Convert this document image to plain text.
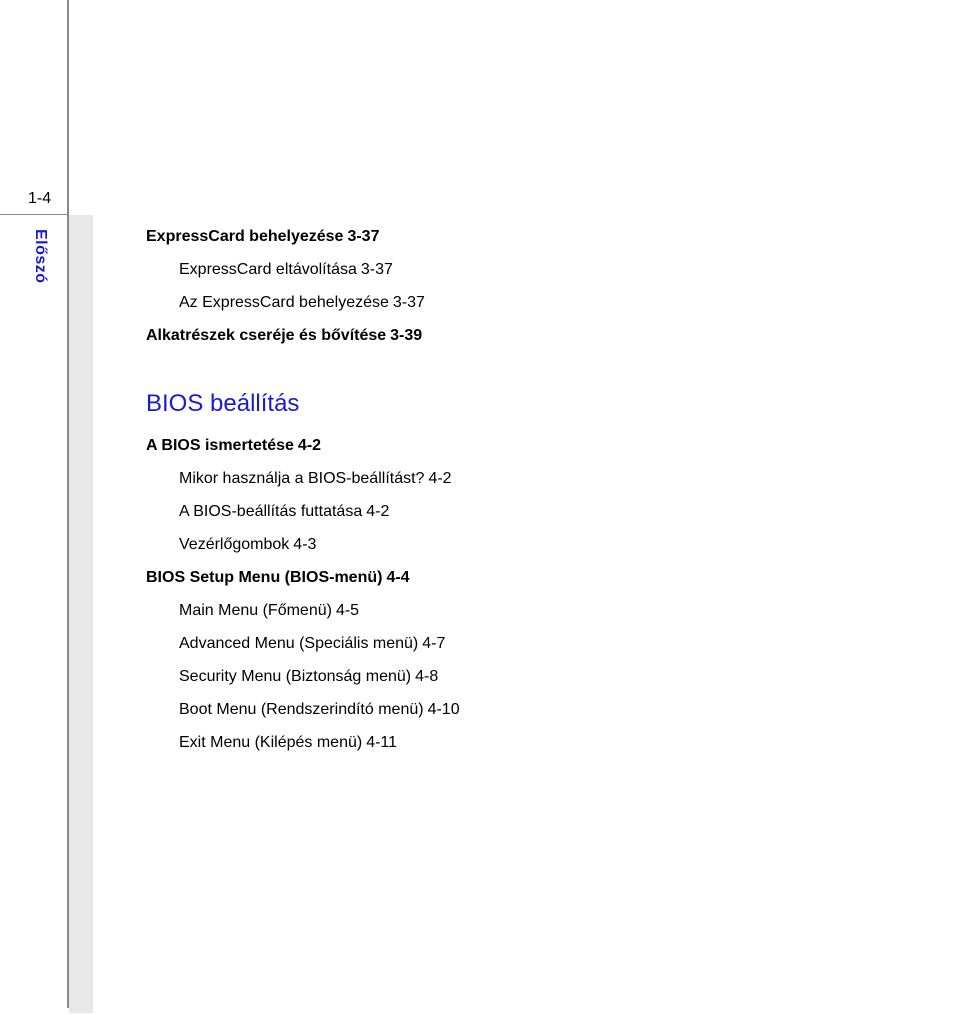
1-4
Előszó	ExpressCard behelyezése 3-37
ExpressCard eltávolítása 3-37
Az ExpressCard behelyezése 3-37
Alkatrészek cseréje és bővítése 3-39
BIOS beállítás
A BIOS ismertetése 4-2
Mikor használja a BIOS-beállítást? 4-2
A BIOS-beállítás futtatása 4-2
Vezérlőgombok 4-3
BIOS Setup Menu (BIOS-menü) 4-4
Main Menu (Főmenü) 4-5
Advanced Menu (Speciális menü) 4-7
Security Menu (Biztonság menü) 4-8
Boot Menu (Rendszerindító menü) 4-10
Exit Menu (Kilépés menü) 4-11
